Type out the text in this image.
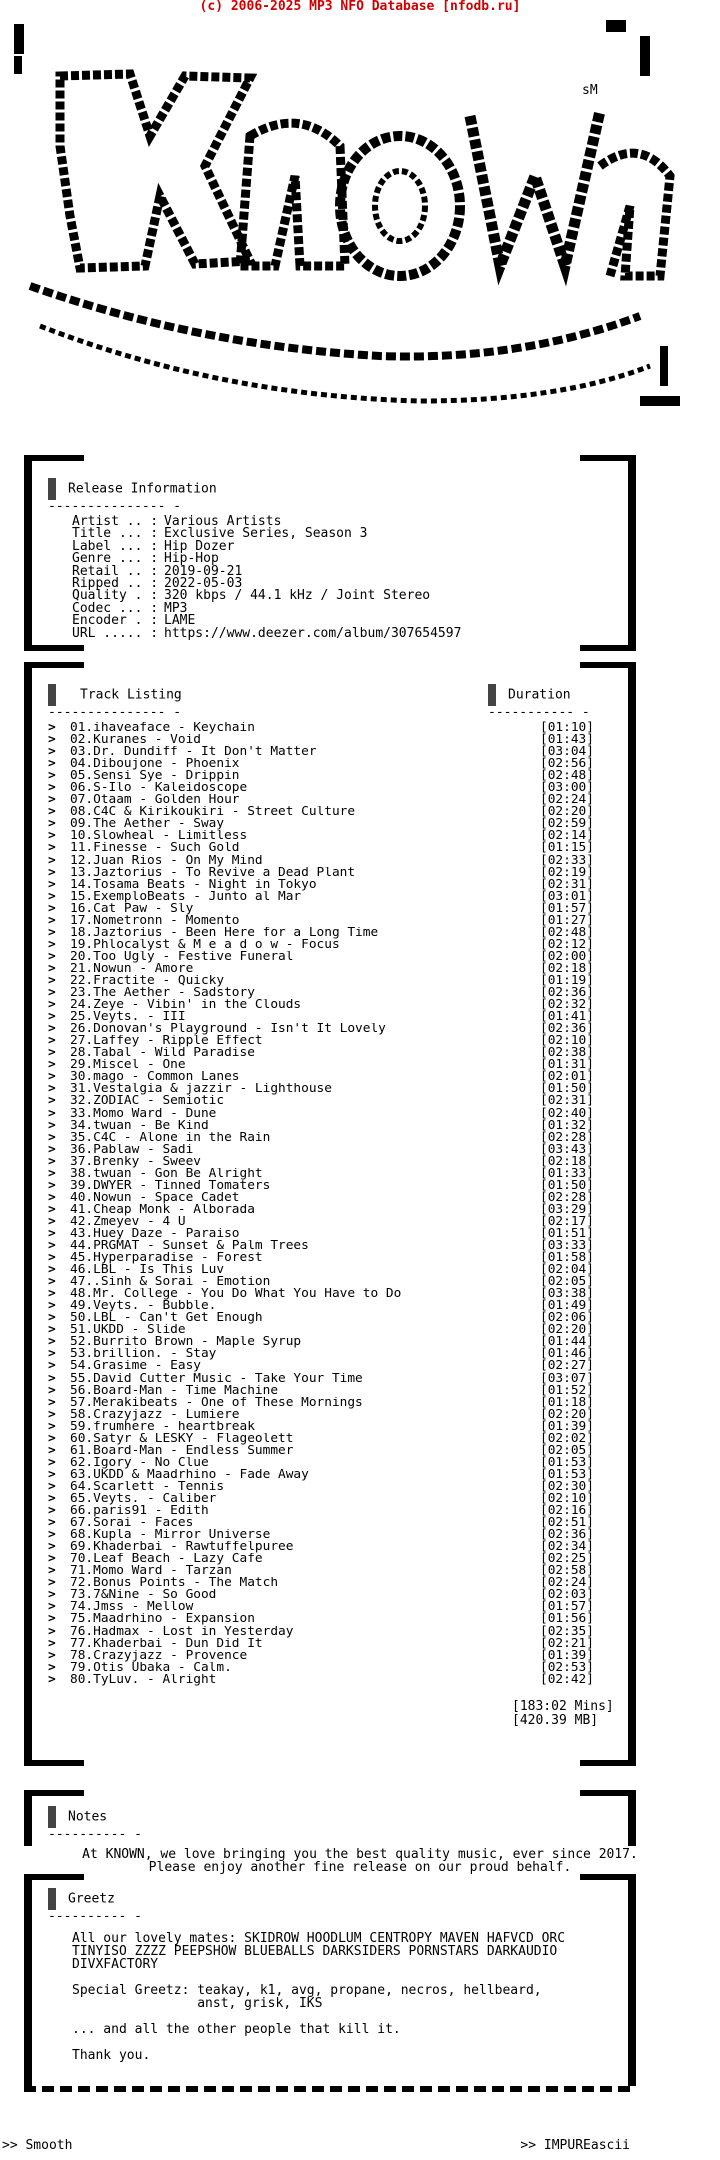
(c) 2006-2025 MP3 NFO Database [nfodb.ru]
sM
Release Information
--------------- -
Artist .. : Various Artists
Title ... : Exclusive Series, Season 3
Label ... : Hip Dozer
Genre ... : Hip-Hop
Retail .. : 2019-09-21
Ripped .. : 2022-05-03
Quality . : 320 kbps / 44.1 kHz / Joint Stereo
Codec ... : MP3
Encoder . : LAME
URL ..... : https://www.deezer.com/album/307654597
Track Listing
--------------- -
Duration
----------- -
>	01.ihaveaface - Keychain	[01:10]
>	02.Kuranes - Void	[01:43]
>	03.Dr. Dundiff - It Don't Matter	[03:04]
>	04.Diboujone - Phoenix	[02:56]
>	05.Sensi Sye - Drippin	[02:48]
>	06.S-Ilo - Kaleidoscope	[03:00]
>	07.Otaam - Golden Hour	[02:24]
>	08.C4C & Kirikoukiri - Street Culture	[02:20]
>	09.The Aether - Sway	[02:59]
>	10.Slowheal - Limitless	[02:14]
>	11.Finesse - Such Gold	[01:15]
>	12.Juan Rios - On My Mind	[02:33]
>	13.Jaztorius - To Revive a Dead Plant	[02:19]
>	14.Tosama Beats - Night in Tokyo	[02:31]
>	15.ExemploBeats - Junto al Mar	[03:01]
>	16.Cat Paw - Sly	[01:57]
>	17.Nometronn - Momento	[01:27]
>	18.Jaztorius - Been Here for a Long Time	[02:48]
>	19.Phlocalyst & M e a d o w - Focus	[02:12]
>	20.Too Ugly - Festive Funeral	[02:00]
>	21.Nowun - Amore	[02:18]
>	22.Fractite - Quicky	[01:19]
>	23.The Aether - Sadstory	[02:36]
>	24.Zeye - Vibin' in the Clouds	[02:32]
>	25.Veyts. - III	[01:41]
>	26.Donovan's Playground - Isn't It Lovely	[02:36]
>	27.Laffey - Ripple Effect	[02:10]
>	28.Tabal - Wild Paradise	[02:38]
>	29.Miscel - One	[01:31]
>	30.mago - Common Lanes	[02:01]
>	31.Vestalgia & jazzir - Lighthouse	[01:50]
>	32.ZODIAC - Semiotic	[02:31]
>	33.Momo Ward - Dune	[02:40]
>	34.twuan - Be Kind	[01:32]
>	35.C4C - Alone in the Rain	[02:28]
>	36.Pablaw - Sadi	[03:43]
>	37.Brenky - Sweev	[02:18]
>	38.twuan - Gon Be Alright	[01:33]
>	39.DWYER - Tinned Tomaters	[01:50]
>	40.Nowun - Space Cadet	[02:28]
>	41.Cheap Monk - Alborada	[03:29]
>	42.Zmeyev - 4 U	[02:17]
>	43.Huey Daze - Paraiso	[01:51]
>	44.PRGMAT - Sunset & Palm Trees	[03:33]
>	45.Hyperparadise - Forest	[01:58]
>	46.LBL - Is This Luv	[02:04]
>	47..Sinh & Sorai - Emotion	[02:05]
>	48.Mr. College - You Do What You Have to Do	[03:38]
>	49.Veyts. - Bubble.	[01:49]
>	50.LBL - Can't Get Enough	[02:06]
>	51.UKDD - Slide	[02:20]
>	52.Burrito Brown - Maple Syrup	[01:44]
>	53.brillion. - Stay	[01:46]
>	54.Grasime - Easy	[02:27]
>	55.David Cutter Music - Take Your Time	[03:07]
>	56.Board-Man - Time Machine	[01:52]
>	57.Merakibeats - One of These Mornings	[01:18]
>	58.Crazyjazz - Lumiere	[02:20]
>	59.frumhere - heartbreak	[01:39]
>	60.Satyr & LESKY - Flageolett	[02:02]
>	61.Board-Man - Endless Summer	[02:05]
>	62.Igory - No Clue	[01:53]
>	63.UKDD & Maadrhino - Fade Away	[01:53]
>	64.Scarlett - Tennis	[02:30]
>	65.Veyts. - Caliber	[02:10]
>	66.paris91 - Edith	[02:16]
>	67.Sorai - Faces	[02:51]
>	68.Kupla - Mirror Universe	[02:36]
>	69.Khaderbai - Rawtuffelpuree	[02:34]
>	70.Leaf Beach - Lazy Cafe	[02:25]
>	71.Momo Ward - Tarzan	[02:58]
>	72.Bonus Points - The Match	[02:24]
>	73.7&Nine - So Good	[02:03]
>	74.Jmss - Mellow	[01:57]
>	75.Maadrhino - Expansion	[01:56]
>	76.Hadmax - Lost in Yesterday	[02:35]
>	77.Khaderbai - Dun Did It	[02:21]
>	78.Crazyjazz - Provence	[01:39]
>	79.Otis Ubaka - Calm.	[02:53]
>	80.TyLuv. - Alright	[02:42]
[183:02 Mins]
[420.39 MB]
Notes
---------- -
At KNOWN, we love bringing you the best quality music, ever since 2017.
Please enjoy another fine release on our proud behalf.
Greetz
---------- -

All our lovely mates: SKIDROW HOODLUM CENTROPY MAVEN HAFVCD ORC
TINYISO ZZZZ PEEPSHOW BLUEBALLS DARKSIDERS PORNSTARS DARKAUDIO
DIVXFACTORY

Special Greetz: teakay, k1, avg, propane, necros, hellbeard,
anst, grisk, IKS

... and all the other people that kill it.

Thank you.

>> Smooth	>> IMPUREascii
